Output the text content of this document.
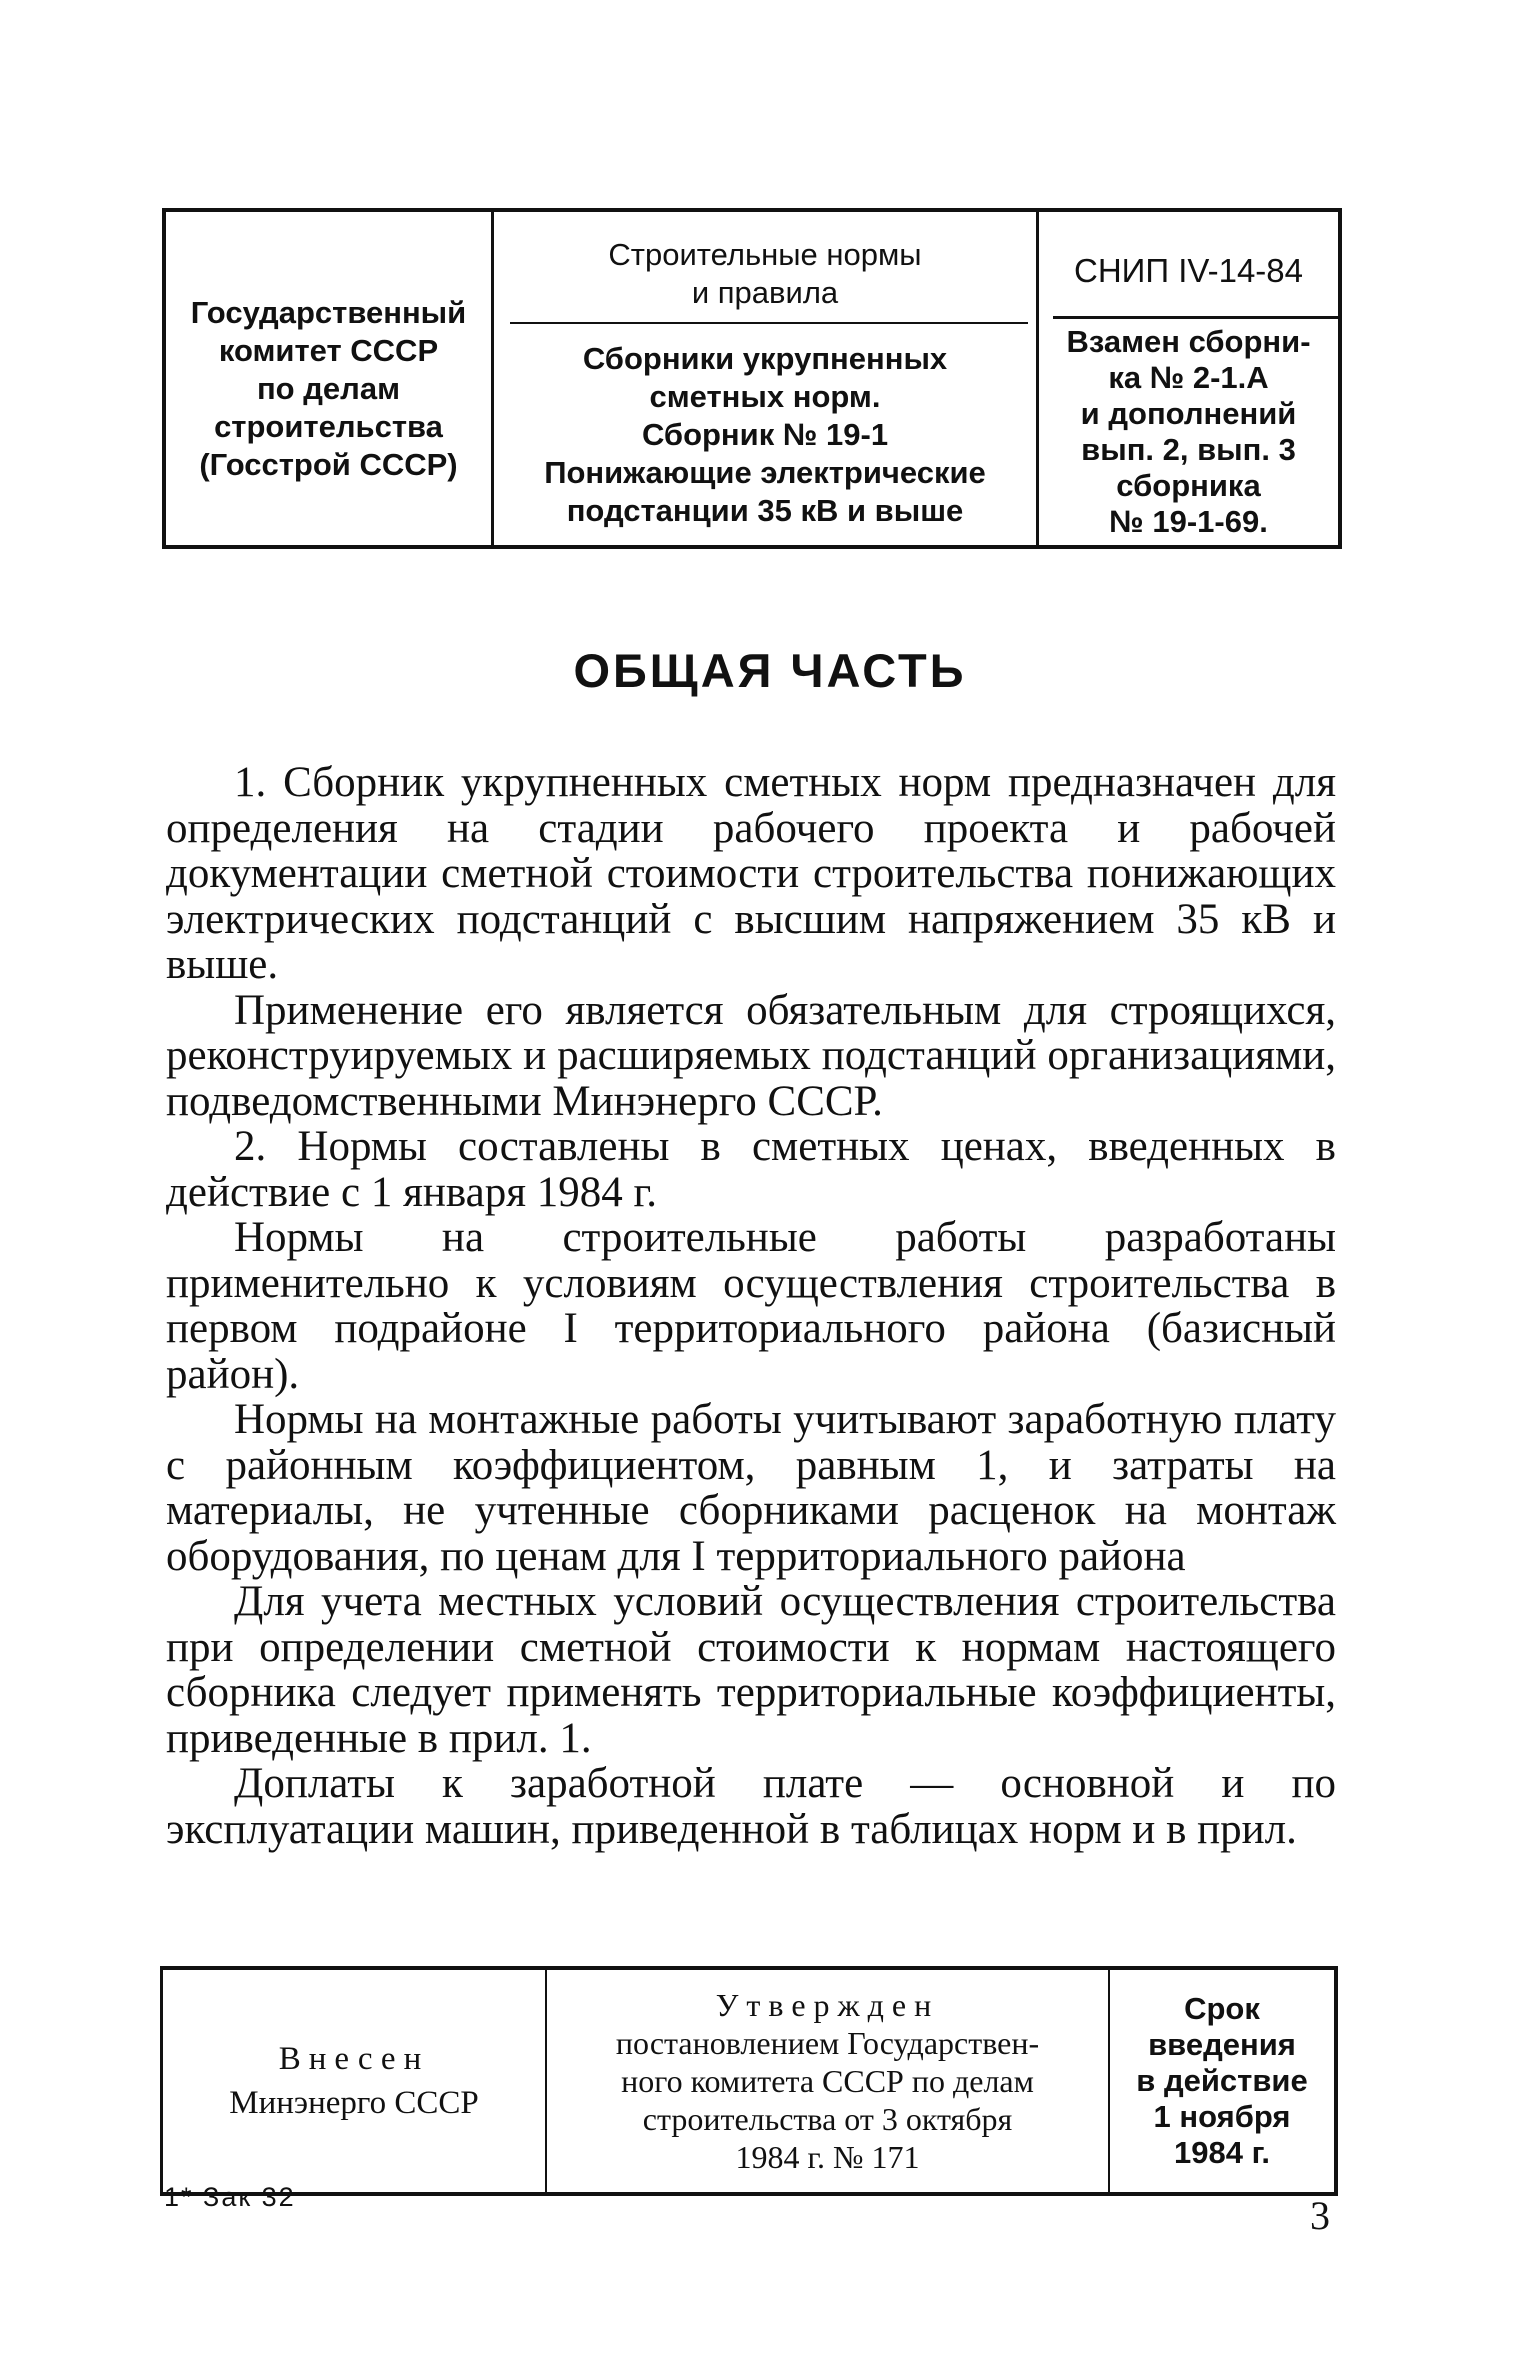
Государственный
комитет СССР
по делам
строительства
(Госстрой СССР)
Строительные нормы
и правила
Сборники укрупненных
сметных норм.
Сборник № 19-1
Понижающие электрические
подстанции 35 кВ и выше
СНИП IV-14-84
Взамен сборни-
ка № 2-1.А
и дополнений
вып. 2, вып. 3
сборника
№ 19-1-69.
ОБЩАЯ ЧАСТЬ

1. Сборник укрупненных сметных норм предназначен для определения на стадии рабочего проекта и рабочей документации сметной стоимости строительства понижающих электрических подстанций с высшим напряжением 35 кВ и выше.

Применение его является обязательным для строящихся, реконструируемых и расширяемых подстанций организациями, подведомственными Минэнерго СССР.

2. Нормы составлены в сметных ценах, введенных в действие с 1 января 1984 г.

Нормы на строительные работы разработаны применительно к условиям осуществления строительства в первом подрайоне I территориального района (базисный район).

Нормы на монтажные работы учитывают заработную плату с районным коэффициентом, равным 1, и затраты на материалы, не учтенные сборниками расценок на монтаж оборудования, по ценам для I территориального района

Для учета местных условий осуществления строительства при определении сметной стоимости к нормам настоящего сборника следует применять территориальные коэффициенты, приведенные в прил. 1.

Доплаты к заработной плате — основной и по эксплуатации машин, приведенной в таблицах норм и в прил.

Внесен
Минэнерго СССР
Утвержден
постановлением Государствен-
ного комитета СССР по делам
строительства от 3 октября
1984 г. № 171
Срок
введения
в действие
1 ноября
1984 г.
1* Зак 32	3
